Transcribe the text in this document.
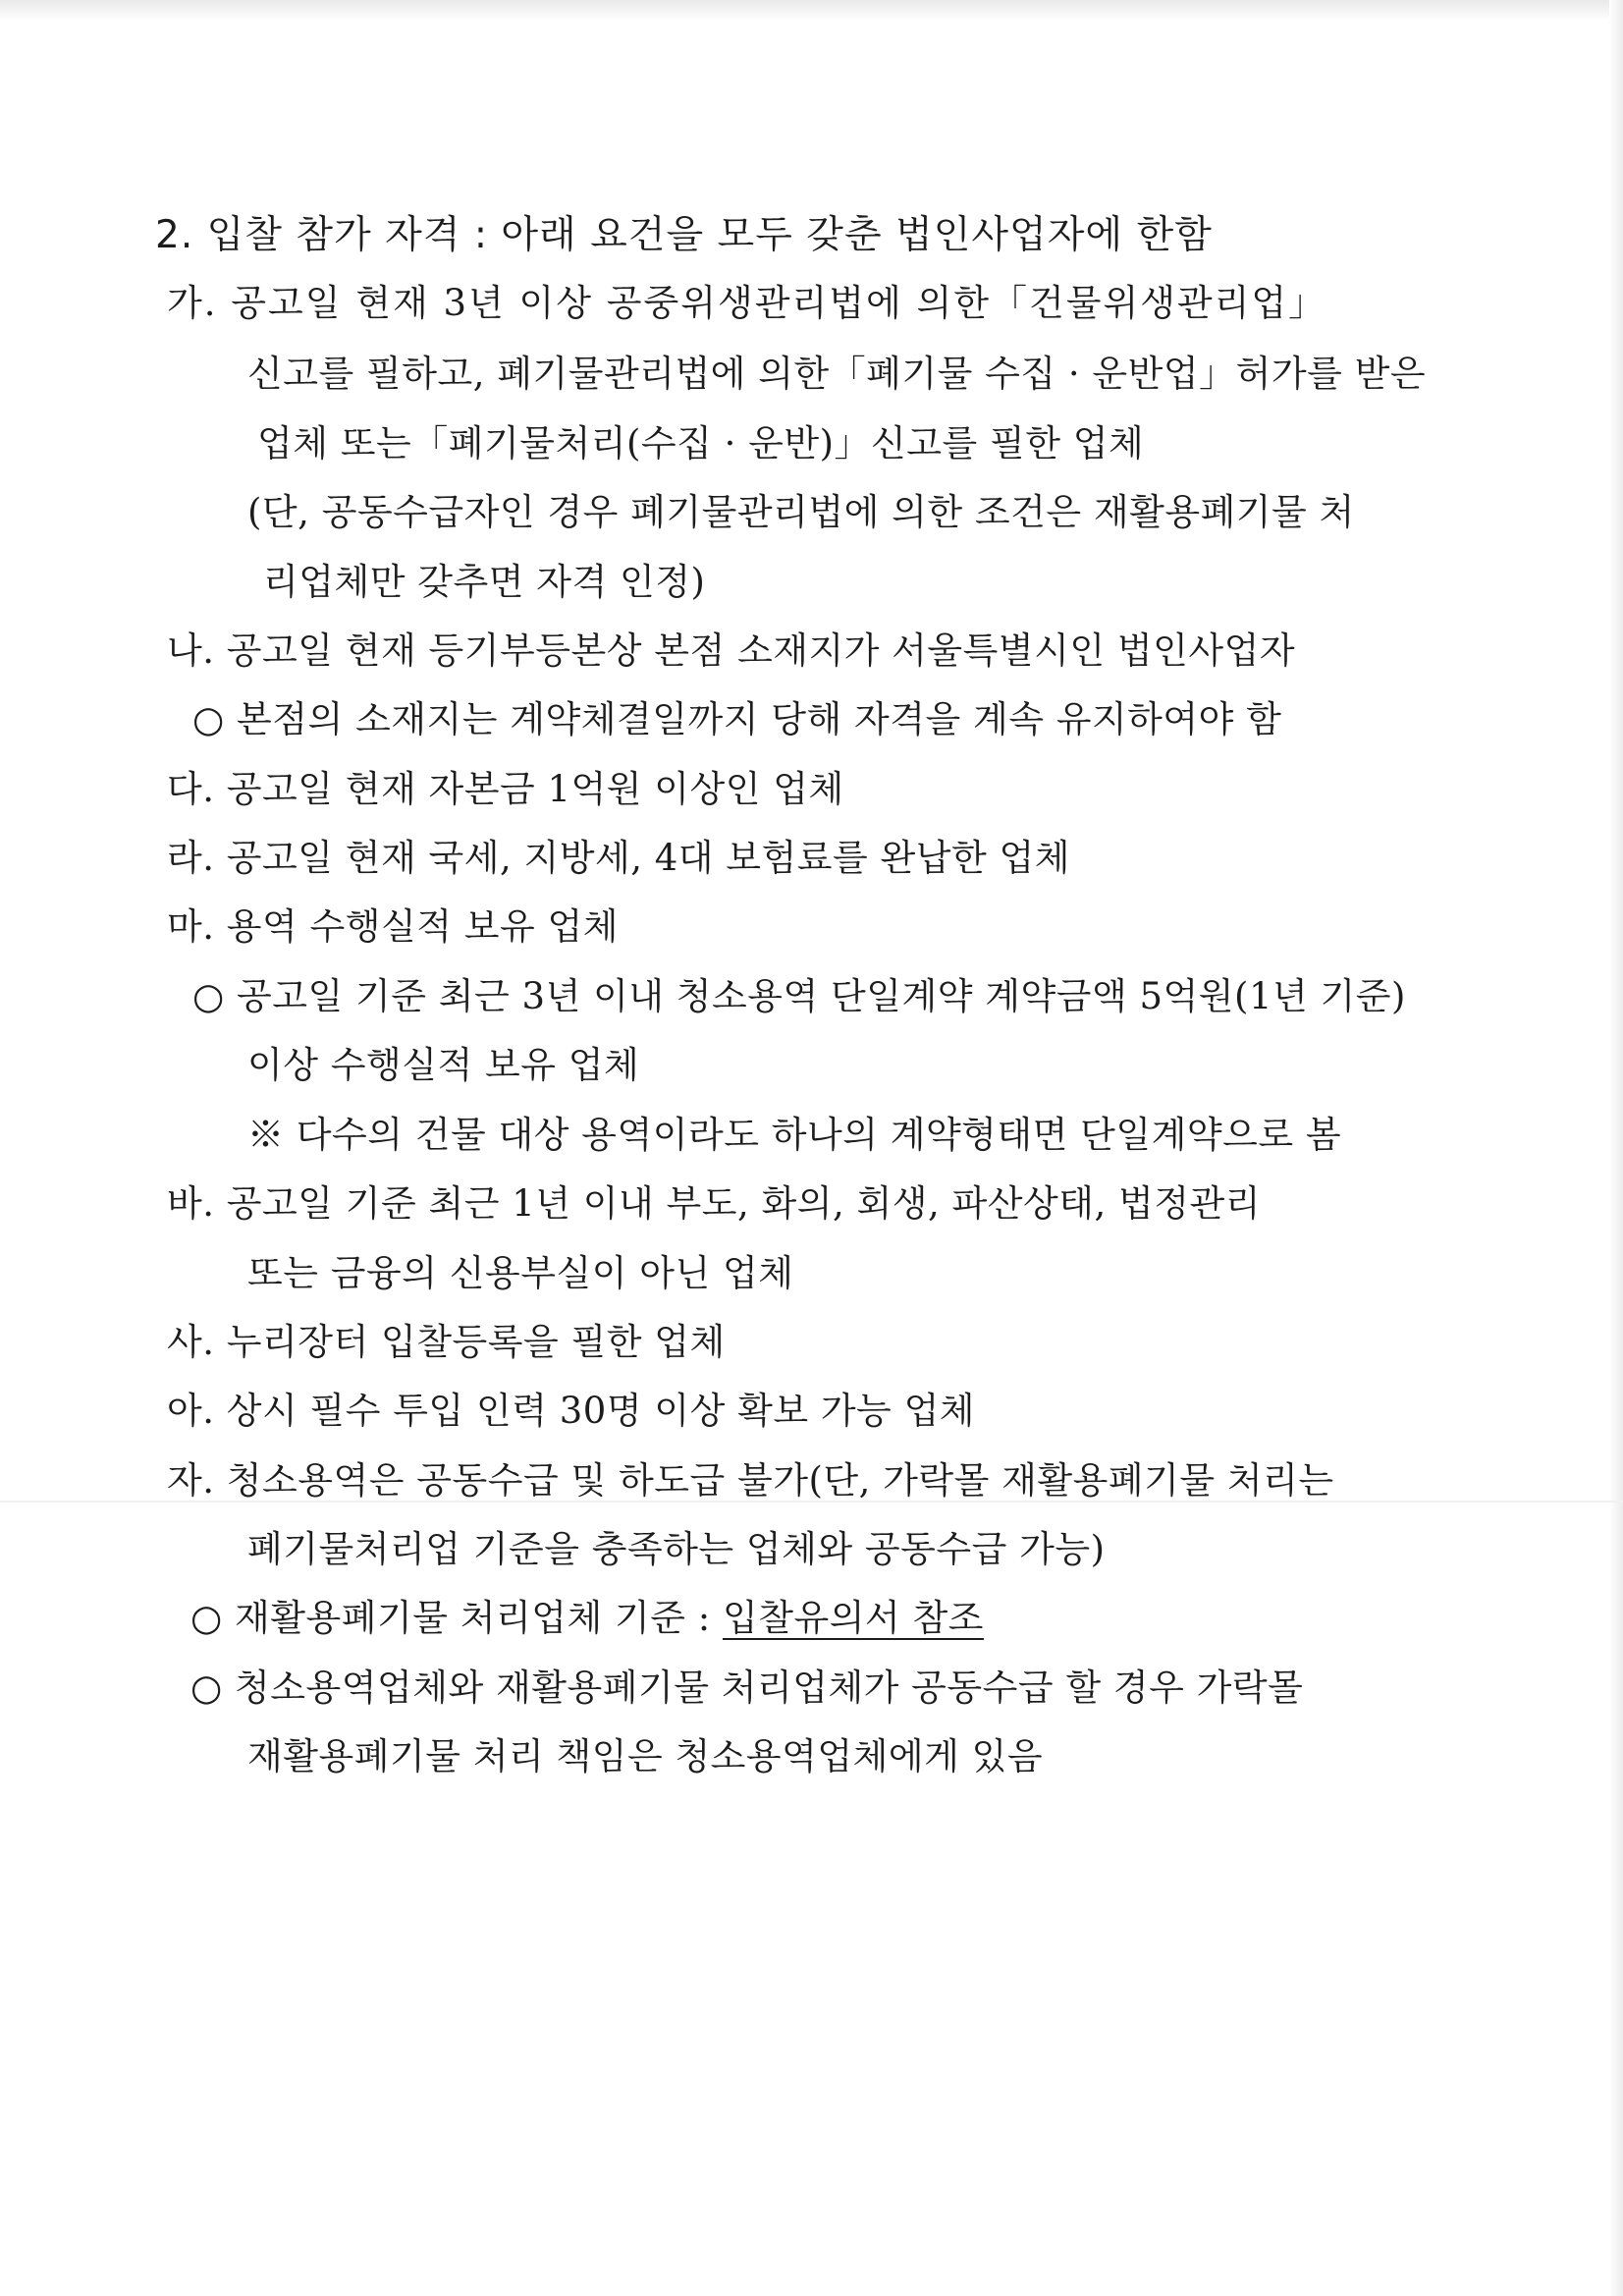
2. 입찰 참가 자격 : 아래 요건을 모두 갖춘 법인사업자에 한함
가. 공고일 현재 3년 이상 공중위생관리법에 의한「건물위생관리업」
신고를 필하고, 폐기물관리법에 의한「폐기물 수집 · 운반업」허가를 받은
업체 또는「폐기물처리(수집 · 운반)」신고를 필한 업체
(단, 공동수급자인 경우 폐기물관리법에 의한 조건은 재활용폐기물 처
리업체만 갖추면 자격 인정)
나. 공고일 현재 등기부등본상 본점 소재지가 서울특별시인 법인사업자
○ 본점의 소재지는 계약체결일까지 당해 자격을 계속 유지하여야 함
다. 공고일 현재 자본금 1억원 이상인 업체
라. 공고일 현재 국세, 지방세, 4대 보험료를 완납한 업체
마. 용역 수행실적 보유 업체
○ 공고일 기준 최근 3년 이내 청소용역 단일계약 계약금액 5억원(1년 기준)
이상 수행실적 보유 업체
※ 다수의 건물 대상 용역이라도 하나의 계약형태면 단일계약으로 봄
바. 공고일 기준 최근 1년 이내 부도, 화의, 회생, 파산상태, 법정관리
또는 금융의 신용부실이 아닌 업체
사. 누리장터 입찰등록을 필한 업체
아. 상시 필수 투입 인력 30명 이상 확보 가능 업체
자. 청소용역은 공동수급 및 하도급 불가(단, 가락몰 재활용폐기물 처리는
폐기물처리업 기준을 충족하는 업체와 공동수급 가능)
○ 재활용폐기물 처리업체 기준 : 입찰유의서 참조
○ 청소용역업체와 재활용폐기물 처리업체가 공동수급 할 경우 가락몰
재활용폐기물 처리 책임은 청소용역업체에게 있음
